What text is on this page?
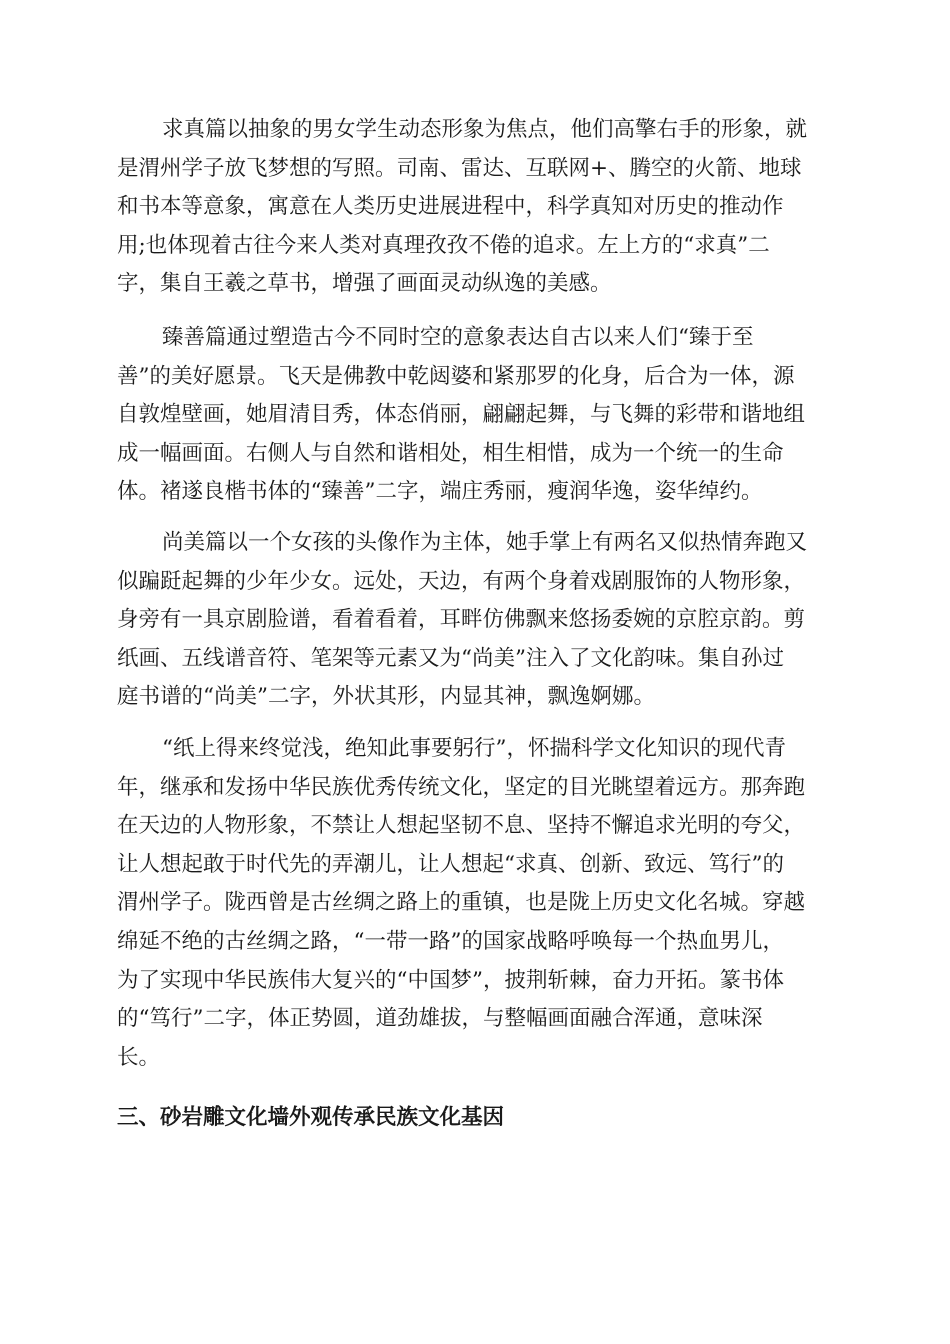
求真篇以抽象的男女学生动态形象为焦点，他们高擎右手的形象，就
是渭州学子放飞梦想的写照。司南、雷达、互联网+、腾空的火箭、地球
和书本等意象，寓意在人类历史进展进程中，科学真知对历史的推动作
用;也体现着古往今来人类对真理孜孜不倦的追求。左上方的“求真”二
字，集自王羲之草书，增强了画面灵动纵逸的美感。

臻善篇通过塑造古今不同时空的意象表达自古以来人们“臻于至
善”的美好愿景。飞天是佛教中乾闼婆和紧那罗的化身，后合为一体，源
自敦煌壁画，她眉清目秀，体态俏丽，翩翩起舞，与飞舞的彩带和谐地组
成一幅画面。右侧人与自然和谐相处，相生相惜，成为一个统一的生命
体。褚遂良楷书体的“臻善”二字，端庄秀丽，瘦润华逸，姿华绰约。

尚美篇以一个女孩的头像作为主体，她手掌上有两名又似热情奔跑又
似蹁跹起舞的少年少女。远处，天边，有两个身着戏剧服饰的人物形象，
身旁有一具京剧脸谱，看着看着，耳畔仿佛飘来悠扬委婉的京腔京韵。剪
纸画、五线谱音符、笔架等元素又为“尚美”注入了文化韵味。集自孙过
庭书谱的“尚美”二字，外状其形，内显其神，飘逸婀娜。

“纸上得来终觉浅，绝知此事要躬行”，怀揣科学文化知识的现代青
年，继承和发扬中华民族优秀传统文化，坚定的目光眺望着远方。那奔跑
在天边的人物形象，不禁让人想起坚韧不息、坚持不懈追求光明的夸父，
让人想起敢于时代先的弄潮儿，让人想起“求真、创新、致远、笃行”的
渭州学子。陇西曾是古丝绸之路上的重镇，也是陇上历史文化名城。穿越
绵延不绝的古丝绸之路，“一带一路”的国家战略呼唤每一个热血男儿，
为了实现中华民族伟大复兴的“中国梦”，披荆斩棘，奋力开拓。篆书体
的“笃行”二字，体正势圆，道劲雄拔，与整幅画面融合浑通，意味深
长。

三、砂岩雕文化墙外观传承民族文化基因
